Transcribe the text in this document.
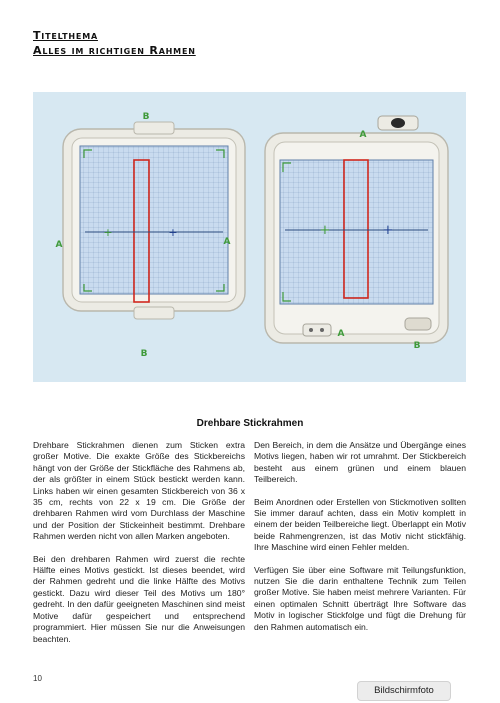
Titelthema
Alles im richtigen Rahmen
+	+
B
B
A	A
+	+
A
A
B
Drehbare Stickrahmen

Drehbare Stickrahmen dienen zum Sticken extra großer Motive. Die exakte Größe des Stickbereichs hängt von der Größe der Stickfläche des Rahmens ab, der als größter in einem Stück bestickt werden kann. Links haben wir einen gesamten Stickbereich von 36 x 35 cm, rechts von 22 x 19 cm. Die Größe der drehbaren Rahmen wird vom Durchlass der Maschine und der Position der Stickeinheit bestimmt. Drehbare Rahmen werden nicht von allen Marken angeboten.

Bei den drehbaren Rahmen wird zuerst die rechte Hälfte eines Motivs gestickt. Ist dieses beendet, wird der Rahmen gedreht und die linke Hälfte des Motivs gestickt. Dazu wird dieser Teil des Motivs um 180° gedreht. In den dafür geeigneten Maschinen sind meist Motive dafür gespeichert und entsprechend programmiert. Hier müssen Sie nur die Anweisungen beachten.

Den Bereich, in dem die Ansätze und Übergänge eines Motivs liegen, haben wir rot umrahmt. Der Stickbereich besteht aus einem grünen und einem blauen Teilbereich.

Beim Anordnen oder Erstellen von Stickmotiven sollten Sie immer darauf achten, dass ein Motiv komplett in einem der beiden Teilbereiche liegt. Überlappt ein Motiv beide Rahmengrenzen, ist das Motiv nicht stickfähig. Ihre Maschine wird einen Fehler melden.

Verfügen Sie über eine Software mit Teilungsfunktion, nutzen Sie die darin enthaltene Technik zum Teilen großer Motive. Sie haben meist mehrere Varianten. Für einen optimalen Schnitt überträgt Ihre Software das Motiv in logischer Stickfolge und fügt die Drehung für den Rahmen automatisch ein.

10
Bildschirmfoto
